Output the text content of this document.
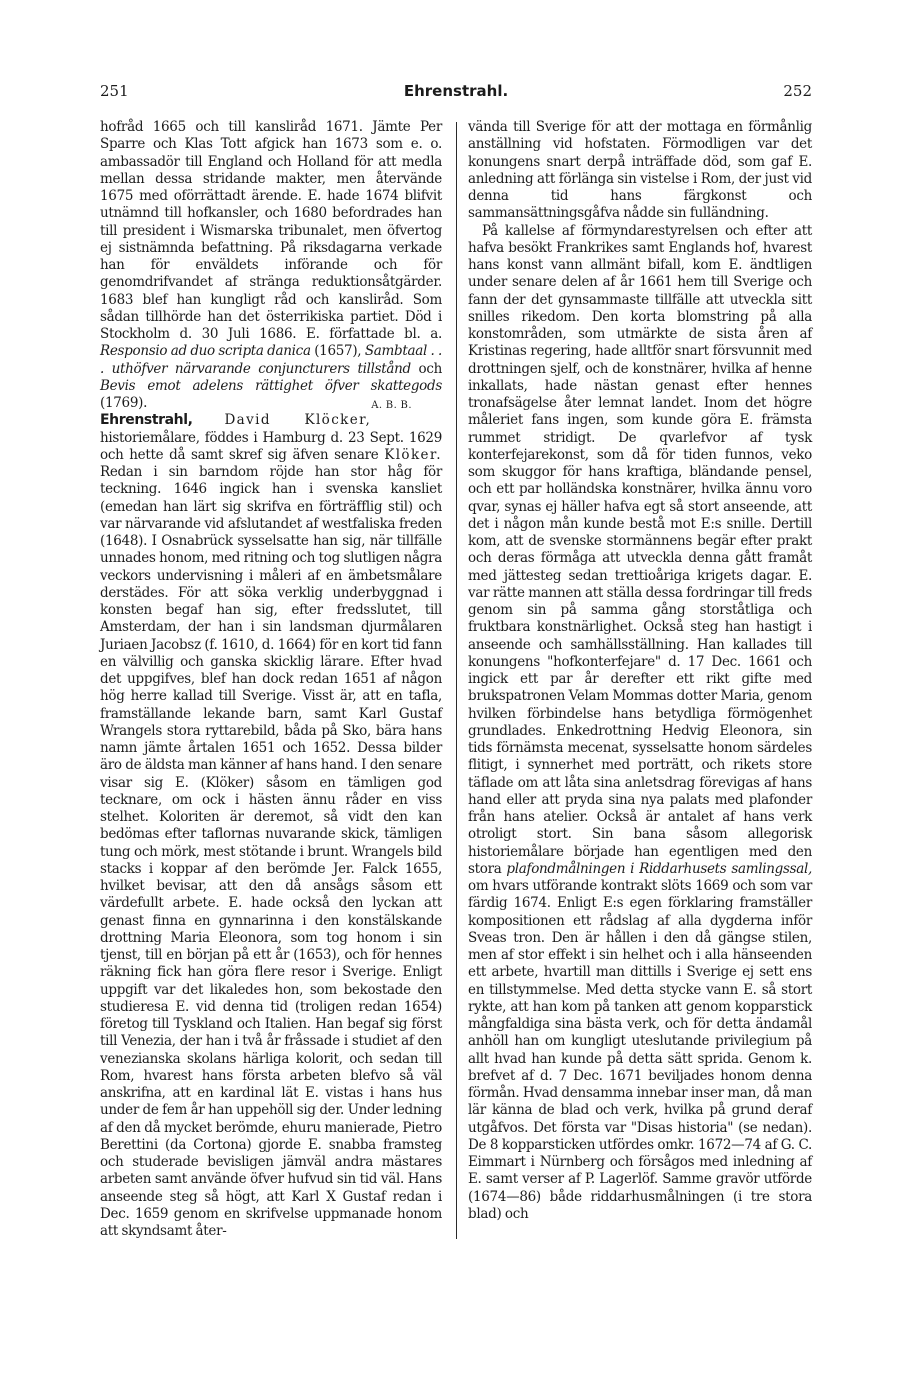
251	Ehrenstrahl.	252

hofråd 1665 och till kansliråd 1671. Jämte Per Sparre och Klas Tott afgick han 1673 som e. o. ambassadör till England och Holland för att medla mellan dessa stridande makter, men återvände 1675 med oförrättadt ärende. E. hade 1674 blifvit utnämnd till hofkansler, och 1680 befordrades han till president i Wismarska tribunalet, men öfvertog ej sistnämnda befattning. På riksdagarna verkade han för enväldets införande och för genomdrifvandet af stränga reduktionsåtgärder. 1683 blef han kungligt råd och kansliråd. Som sådan tillhörde han det österrikiska partiet. Död i Stockholm d. 30 Juli 1686. E. författade bl. a. Responsio ad duo scripta danica (1657), Sambtaal . . . uthöfver närvarande conjuncturers tillstånd och Bevis emot adelens rättighet öfver skattegods (1769).	A. B. B.

Ehrenstrahl, David Klöcker, historiemålare, föddes i Hamburg d. 23 Sept. 1629 och hette då samt skref sig äfven senare Klöker. Redan i sin barndom röjde han stor håg för teckning. 1646 ingick han i svenska kansliet (emedan han lärt sig skrifva en förträfflig stil) och var närvarande vid afslutandet af westfaliska freden (1648). I Osnabrück sysselsatte han sig, när tillfälle unnades honom, med ritning och tog slutligen några veckors undervisning i måleri af en ämbetsmålare derstädes. För att söka verklig underbyggnad i konsten begaf han sig, efter fredsslutet, till Amsterdam, der han i sin landsman djurmålaren Juriaen Jacobsz (f. 1610, d. 1664) för en kort tid fann en välvillig och ganska skicklig lärare. Efter hvad det uppgifves, blef han dock redan 1651 af någon hög herre kallad till Sverige. Visst är, att en tafla, framställande lekande barn, samt Karl Gustaf Wrangels stora ryttarebild, båda på Sko, bära hans namn jämte årtalen 1651 och 1652. Dessa bilder äro de äldsta man känner af hans hand. I den senare visar sig E. (Klöker) såsom en tämligen god tecknare, om ock i hästen ännu råder en viss stelhet. Koloriten är deremot, så vidt den kan bedömas efter taflornas nuvarande skick, tämligen tung och mörk, mest stötande i brunt. Wrangels bild stacks i koppar af den berömde Jer. Falck 1655, hvilket bevisar, att den då ansågs såsom ett värdefullt arbete. E. hade också den lyckan att genast finna en gynnarinna i den konstälskande drottning Maria Eleonora, som tog honom i sin tjenst, till en början på ett år (1653), och för hennes räkning fick han göra flere resor i Sverige. Enligt uppgift var det likaledes hon, som bekostade den studieresa E. vid denna tid (troligen redan 1654) företog till Tyskland och Italien. Han begaf sig först till Venezia, der han i två år fråssade i studiet af den venezianska skolans härliga kolorit, och sedan till Rom, hvarest hans första arbeten blefvo så väl anskrifna, att en kardinal lät E. vistas i hans hus under de fem år han uppehöll sig der. Under ledning af den då mycket berömde, ehuru manierade, Pietro Berettini (da Cortona) gjorde E. snabba framsteg och studerade bevisligen jämväl andra mästares arbeten samt använde öfver hufvud sin tid väl. Hans anseende steg så högt, att Karl X Gustaf redan i Dec. 1659 genom en skrifvelse uppmanade honom att skyndsamt åter-

vända till Sverige för att der mottaga en förmånlig anställning vid hofstaten. Förmodligen var det konungens snart derpå inträffade död, som gaf E. anledning att förlänga sin vistelse i Rom, der just vid denna tid hans färgkonst och sammansättningsgåfva nådde sin fulländning.

På kallelse af förmyndarestyrelsen och efter att hafva besökt Frankrikes samt Englands hof, hvarest hans konst vann allmänt bifall, kom E. ändtligen under senare delen af år 1661 hem till Sverige och fann der det gynsammaste tillfälle att utveckla sitt snilles rikedom. Den korta blomstring på alla konstområden, som utmärkte de sista åren af Kristinas regering, hade alltför snart försvunnit med drottningen sjelf, och de konstnärer, hvilka af henne inkallats, hade nästan genast efter hennes tronafsägelse åter lemnat landet. Inom det högre måleriet fans ingen, som kunde göra E. främsta rummet stridigt. De qvarlefvor af tysk konterfejarekonst, som då för tiden funnos, veko som skuggor för hans kraftiga, bländande pensel, och ett par holländska konstnärer, hvilka ännu voro qvar, synas ej häller hafva egt så stort anseende, att det i någon mån kunde bestå mot E:s snille. Dertill kom, att de svenske stormännens begär efter prakt och deras förmåga att utveckla denna gått framåt med jättesteg sedan trettioåriga krigets dagar. E. var rätte mannen att ställa dessa fordringar till freds genom sin på samma gång storståtliga och fruktbara konstnärlighet. Också steg han hastigt i anseende och samhällsställning. Han kallades till konungens "hofkonterfejare" d. 17 Dec. 1661 och ingick ett par år derefter ett rikt gifte med brukspatronen Velam Mommas dotter Maria, genom hvilken förbindelse hans betydliga förmögenhet grundlades. Enkedrottning Hedvig Eleonora, sin tids förnämsta mecenat, sysselsatte honom särdeles flitigt, i synnerhet med porträtt, och rikets store täflade om att låta sina anletsdrag förevigas af hans hand eller att pryda sina nya palats med plafonder från hans atelier. Också är antalet af hans verk otroligt stort. Sin bana såsom allegorisk historiemålare började han egentligen med den stora plafondmålningen i Riddarhusets samlingssal, om hvars utförande kontrakt slöts 1669 och som var färdig 1674. Enligt E:s egen förklaring framställer kompositionen ett rådslag af alla dygderna inför Sveas tron. Den är hållen i den då gängse stilen, men af stor effekt i sin helhet och i alla hänseenden ett arbete, hvartill man dittills i Sverige ej sett ens en tillstymmelse. Med detta stycke vann E. så stort rykte, att han kom på tanken att genom kopparstick mångfaldiga sina bästa verk, och för detta ändamål anhöll han om kungligt uteslutande privilegium på allt hvad han kunde på detta sätt sprida. Genom k. brefvet af d. 7 Dec. 1671 beviljades honom denna förmån. Hvad densamma innebar inser man, då man lär känna de blad och verk, hvilka på grund deraf utgåfvos. Det första var "Disas historia" (se nedan). De 8 kopparsticken utfördes omkr. 1672—74 af G. C. Eimmart i Nürnberg och försågos med inledning af E. samt verser af P. Lagerlöf. Samme gravör utförde (1674—86) både riddarhusmålningen (i tre stora blad) och
